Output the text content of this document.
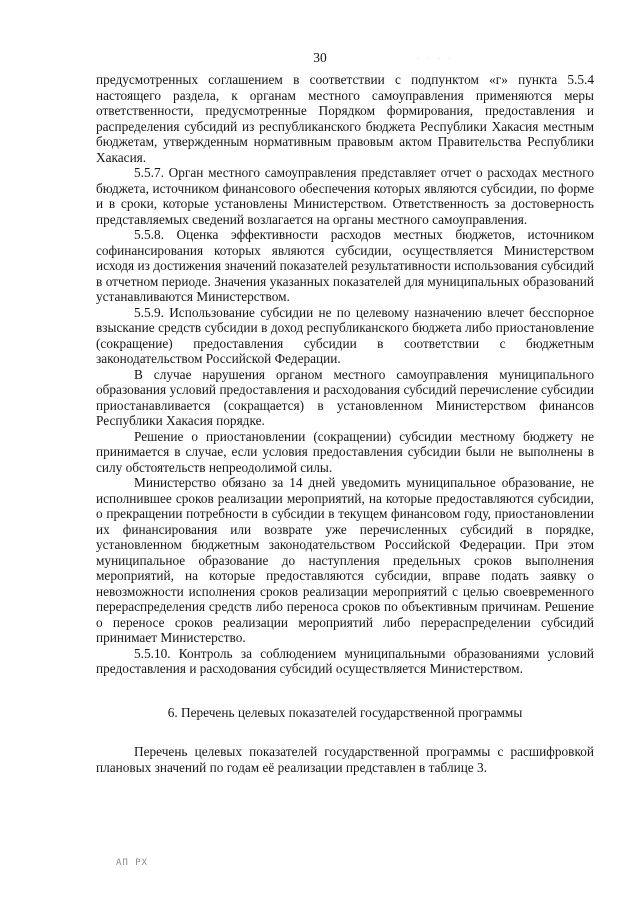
30	· · · ·

предусмотренных соглашением в соответствии с подпунктом «г» пункта 5.5.4 настоящего раздела, к органам местного самоуправления применяются меры ответственности, предусмотренные Порядком формирования, предоставления и распределения субсидий из республиканского бюджета Республики Хакасия местным бюджетам, утвержденным нормативным правовым актом Правительства Республики Хакасия.

5.5.7. Орган местного самоуправления представляет отчет о расходах местного бюджета, источником финансового обеспечения которых являются субсидии, по форме и в сроки, которые установлены Министерством. Ответственность за достоверность представляемых сведений возлагается на органы местного самоуправления.

5.5.8. Оценка эффективности расходов местных бюджетов, источником софинансирования которых являются субсидии, осуществляется Министерством исходя из достижения значений показателей результативности использования субсидий в отчетном периоде. Значения указанных показателей для муниципальных образований устанавливаются Министерством.

5.5.9. Использование субсидии не по целевому назначению влечет бесспорное взыскание средств субсидии в доход республиканского бюджета либо приостановление (сокращение) предоставления субсидии в соответствии с бюджетным законодательством Российской Федерации.

В случае нарушения органом местного самоуправления муниципального образования условий предоставления и расходования субсидий перечисление субсидии приостанавливается (сокращается) в установленном Министерством финансов Республики Хакасия порядке.

Решение о приостановлении (сокращении) субсидии местному бюджету не принимается в случае, если условия предоставления субсидии были не выполнены в силу обстоятельств непреодолимой силы.

Министерство обязано за 14 дней уведомить муниципальное образование, не исполнившее сроков реализации мероприятий, на которые предоставляются субсидии, о прекращении потребности в субсидии в текущем финансовом году, приостановлении их финансирования или возврате уже перечисленных субсидий в порядке, установленном бюджетным законодательством Российской Федерации. При этом муниципальное образование до наступления предельных сроков выполнения мероприятий, на которые предоставляются субсидии, вправе подать заявку о невозможности исполнения сроков реализации мероприятий с целью своевременного перераспределения средств либо переноса сроков по объективным причинам. Решение о переносе сроков реализации мероприятий либо перераспределении субсидий принимает Министерство.

5.5.10. Контроль за соблюдением муниципальными образованиями условий предоставления и расходования субсидий осуществляется Министерством.

6. Перечень целевых показателей государственной программы

Перечень целевых показателей государственной программы с расшифровкой плановых значений по годам её реализации представлен в таблице 3.

АП РХ
